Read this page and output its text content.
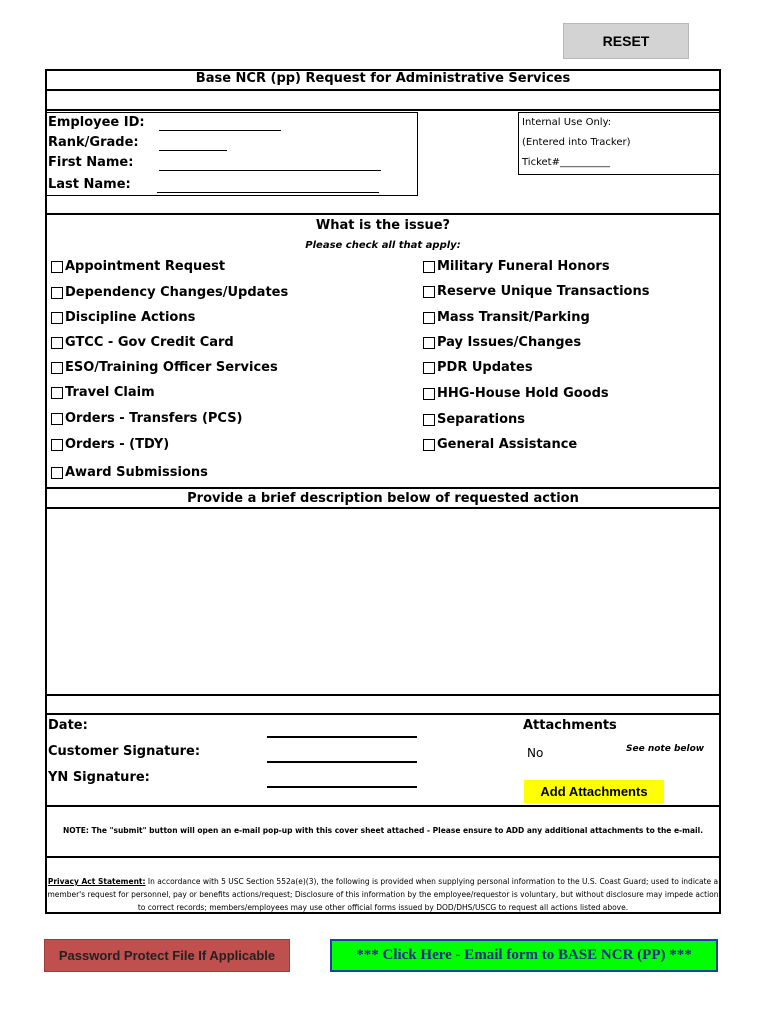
RESET
Base NCR (pp) Request for Administrative Services
Employee ID:
Rank/Grade:
First Name:
Last Name:
Internal Use Only:
(Entered into Tracker)
Ticket#__________
What is the issue?
Please check all that apply:
Appointment Request
Dependency Changes/Updates
Discipline Actions
GTCC - Gov Credit Card
ESO/Training Officer Services
Travel Claim
Orders - Transfers (PCS)
Orders - (TDY)
Award Submissions
Military Funeral Honors
Reserve Unique Transactions
Mass Transit/Parking
Pay Issues/Changes
PDR Updates
HHG-House Hold Goods
Separations
General Assistance
Provide a brief description below of requested action
Date:
Customer Signature:
YN Signature:
Attachments
No	See note below
Add Attachments
NOTE: The "submit" button will open an e-mail pop-up with this cover sheet attached - Please ensure to ADD any additional attachments to the e-mail.
Privacy Act Statement: In accordance with 5 USC Section 552a(e)(3), the following is provided when supplying personal information to the U.S. Coast Guard; used to indicate a member's request for personnel, pay or benefits actions/request; Disclosure of this information by the employee/requestor is voluntary, but without disclosure may impede action to correct records; members/employees may use other official forms issued by DOD/DHS/USCG to request all actions listed above.
Password Protect File If Applicable	*** Click Here - Email form to BASE NCR (PP) ***
